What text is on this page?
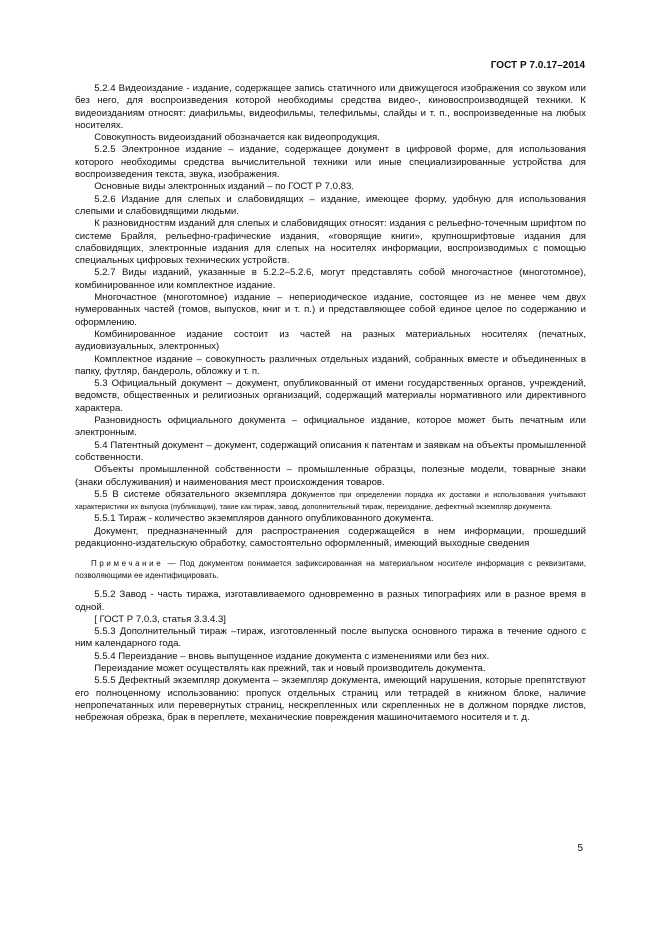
ГОСТ Р 7.0.17–2014

  5.2.4 Видеоиздание - издание, содержащее запись статичного или движущегося изображения со звуком или без него, для воспроизведения которой необходимы средства видео-, киновоспроизводящей техники. К видеоизданиям относят: диафильмы, видеофильмы, телефильмы, слайды и т. п., воспроизведенные на любых носителях.

  Совокупность видеоизданий обозначается как видеопродукция.

  5.2.5 Электронное издание – издание, содержащее документ в цифровой форме, для использования которого необходимы средства вычислительной техники или иные специализированные устройства для воспроизведения текста, звука, изображения.

  Основные виды электронных изданий – по ГОСТ Р 7.0.83.

  5.2.6 Издание для слепых и слабовидящих – издание, имеющее форму, удобную для использования слепыми и слабовидящими людьми.

  К разновидностям изданий для слепых и слабовидящих относят: издания с рельефно-точечным шрифтом по системе Брайля, рельефно-графические издания, «говорящие книги», крупношрифтовые издания для слабовидящих, электронные издания для слепых на носителях информации, воспроизводимых с помощью специальных цифровых технических устройств.

  5.2.7 Виды изданий, указанные в 5.2.2–5.2.6, могут представлять собой многочастное (многотомное), комбинированное или комплектное издание.

  Многочастное (многотомное) издание – непериодическое издание, состоящее из не менее чем двух нумерованных частей (томов, выпусков, книг и т. п.) и представляющее собой единое целое по содержанию и оформлению.

  Комбинированное издание состоит из частей на разных материальных носителях (печатных, аудиовизуальных, электронных)

  Комплектное издание – совокупность различных отдельных изданий, собранных вместе и объединенных в папку, футляр, бандероль, обложку и т. п.

  5.3 Официальный документ – документ, опубликованный от имени государственных органов, учреждений, ведомств, общественных и религиозных организаций, содержащий материалы нормативного или директивного характера.

  Разновидность официального документа – официальное издание, которое может быть печатным или электронным.

  5.4 Патентный документ – документ, содержащий описания к патентам и заявкам на объекты промышленной собственности.

  Объекты промышленной собственности – промышленные образцы, полезные модели, товарные знаки (знаки обслуживания) и наименования мест происхождения товаров.

  5.5 В системе обязательного экземпляра документов при определении порядка их доставки и использования учитывают характеристики их выпуска (публикации), такие как тираж, завод, дополнительный тираж, переиздание, дефектный экземпляр документа.

  5.5.1 Тираж - количество экземпляров данного опубликованного документа.

  Документ, предназначенный для распространения содержащейся в нем информации, прошедший редакционно-издательскую обработку, самостоятельно оформленный, имеющий выходные сведения

  Примечание — Под документом понимается зафиксированная на материальном носителе информация с реквизитами, позволяющими ее идентифицировать.

  5.5.2 Завод - часть тиража, изготавливаемого одновременно в разных типографиях или в разное время в одной.

  [ ГОСТ Р 7.0.3, статья 3.3.4.3]

  5.5.3 Дополнительный тираж –тираж, изготовленный после выпуска основного тиража в течение одного с ним календарного года.

  5.5.4 Переиздание – вновь выпущенное издание документа с изменениями или без них.

  Переиздание может осуществлять как прежний, так и новый производитель документа.

  5.5.5 Дефектный экземпляр документа – экземпляр документа, имеющий нарушения, которые препятствуют его полноценному использованию: пропуск отдельных страниц или тетрадей в книжном блоке, наличие непропечатанных или перевернутых страниц, нескрепленных или скрепленных не в должном порядке листов, небрежная обрезка, брак в переплете, механические повреждения машиночитаемого носителя и т. д.

5
